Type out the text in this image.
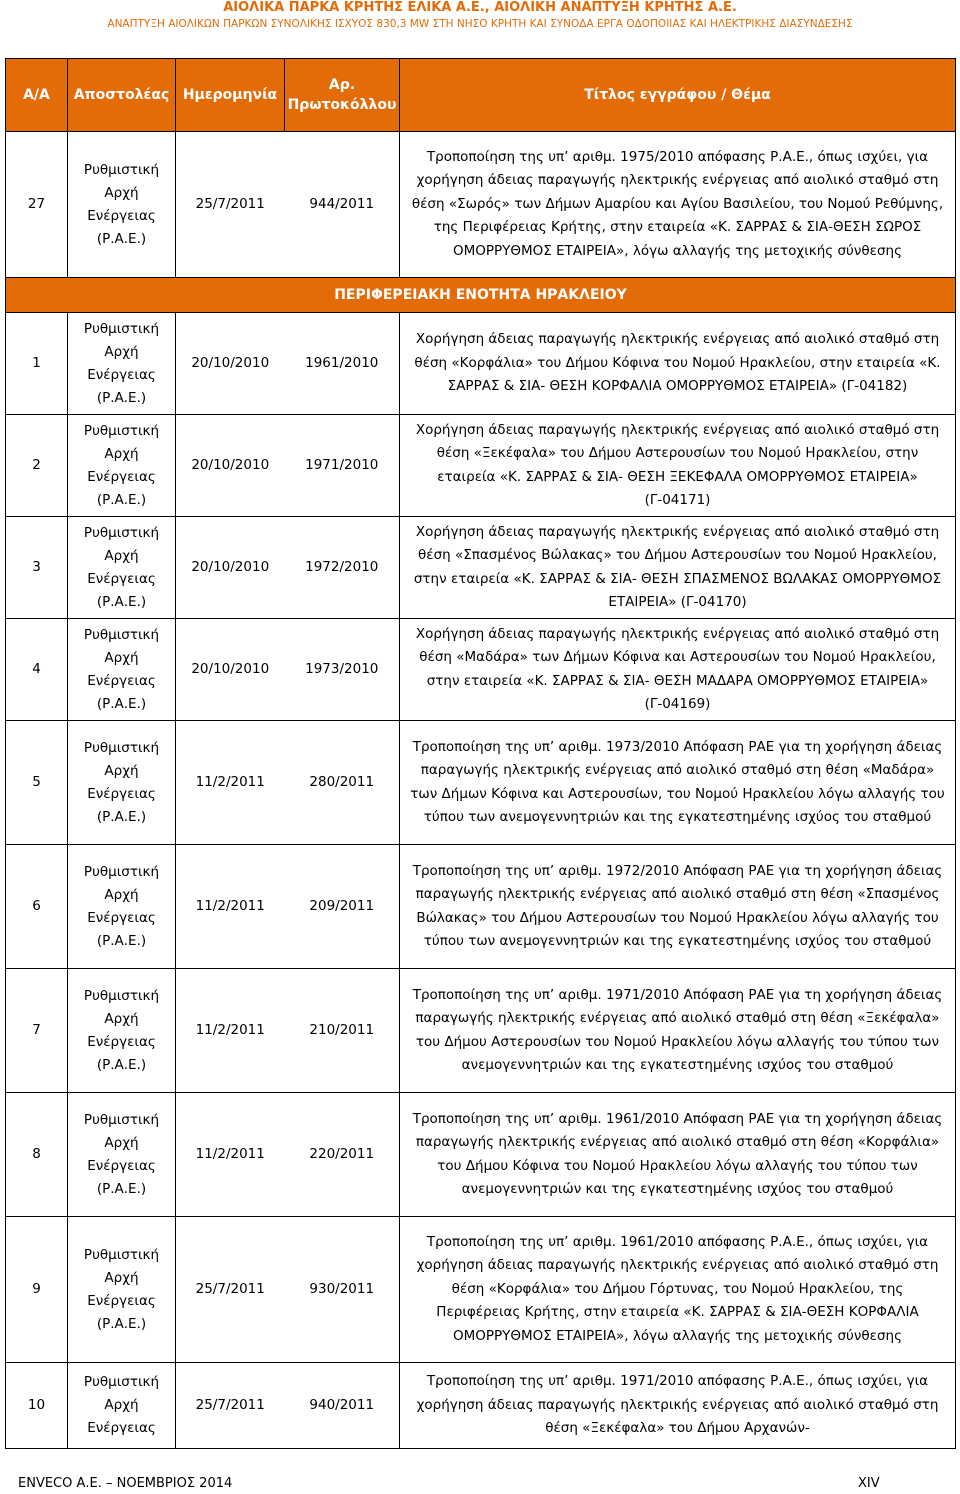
ΑΙΟΛΙΚΑ ΠΑΡΚΑ ΚΡΗΤΗΣ ΕΛΙΚΑ Α.Ε., ΑΙΟΛΙΚΗ ΑΝΑΠΤΥΞΗ ΚΡΗΤΗΣ Α.Ε.
ΑΝΑΠΤΥΞΗ ΑΙΟΛΙΚΩΝ ΠΑΡΚΩΝ ΣΥΝΟΛΙΚΗΣ ΙΣΧΥΟΣ 830,3 MW ΣΤΗ ΝΗΣΟ ΚΡΗΤΗ ΚΑΙ ΣΥΝΟΔΑ ΕΡΓΑ ΟΔΟΠΟΙΙΑΣ ΚΑΙ ΗΛΕΚΤΡΙΚΗΣ ΔΙΑΣΥΝΔΕΣΗΣ
Α/Α	Αποστολέας	Ημερομηνία	Αρ. Πρωτοκόλλου	Τίτλος εγγράφου / Θέμα
27	Ρυθμιστική Αρχή Ενέργειας (Ρ.Α.Ε.)	25/7/2011	944/2011	Τροποποίηση της υπ’ αριθμ. 1975/2010 απόφασης Ρ.Α.Ε., όπως ισχύει, για χορήγηση άδειας παραγωγής ηλεκτρικής ενέργειας από αιολικό σταθμό στη θέση «Σωρός» των Δήμων Αμαρίου και Αγίου Βασιλείου, του Νομού Ρεθύμνης, της Περιφέρειας Κρήτης, στην εταιρεία «Κ. ΣΑΡΡΑΣ & ΣΙΑ-ΘΕΣΗ ΣΩΡΟΣ ΟΜΟΡΡΥΘΜΟΣ ΕΤΑΙΡΕΙΑ», λόγω αλλαγής της μετοχικής σύνθεσης
ΠΕΡΙΦΕΡΕΙΑΚΗ ΕΝΟΤΗΤΑ ΗΡΑΚΛΕΙΟΥ				
1	Ρυθμιστική Αρχή Ενέργειας (Ρ.Α.Ε.)	20/10/2010	1961/2010	Χορήγηση άδειας παραγωγής ηλεκτρικής ενέργειας από αιολικό σταθμό στη θέση «Κορφάλια» του Δήμου Κόφινα του Νομού Ηρακλείου, στην εταιρεία «Κ. ΣΑΡΡΑΣ & ΣΙΑ- ΘΕΣΗ ΚΟΡΦΑΛΙΑ ΟΜΟΡΡΥΘΜΟΣ ΕΤΑΙΡΕΙΑ» (Γ-04182)
2	Ρυθμιστική Αρχή Ενέργειας (Ρ.Α.Ε.)	20/10/2010	1971/2010	Χορήγηση άδειας παραγωγής ηλεκτρικής ενέργειας από αιολικό σταθμό στη θέση «Ξεκέφαλα» του Δήμου Αστερουσίων του Νομού Ηρακλείου, στην εταιρεία «Κ. ΣΑΡΡΑΣ & ΣΙΑ- ΘΕΣΗ ΞΕΚΕΦΑΛΑ ΟΜΟΡΡΥΘΜΟΣ ΕΤΑΙΡΕΙΑ» (Γ-04171)
3	Ρυθμιστική Αρχή Ενέργειας (Ρ.Α.Ε.)	20/10/2010	1972/2010	Χορήγηση άδειας παραγωγής ηλεκτρικής ενέργειας από αιολικό σταθμό στη θέση «Σπασμένος Βώλακας» του Δήμου Αστερουσίων του Νομού Ηρακλείου, στην εταιρεία «Κ. ΣΑΡΡΑΣ & ΣΙΑ- ΘΕΣΗ ΣΠΑΣΜΕΝΟΣ ΒΩΛΑΚΑΣ ΟΜΟΡΡΥΘΜΟΣ ΕΤΑΙΡΕΙΑ» (Γ-04170)
4	Ρυθμιστική Αρχή Ενέργειας (Ρ.Α.Ε.)	20/10/2010	1973/2010	Χορήγηση άδειας παραγωγής ηλεκτρικής ενέργειας από αιολικό σταθμό στη θέση «Μαδάρα» των Δήμων Κόφινα και Αστερουσίων του Νομού Ηρακλείου, στην εταιρεία «Κ. ΣΑΡΡΑΣ & ΣΙΑ- ΘΕΣΗ ΜΑΔΑΡΑ ΟΜΟΡΡΥΘΜΟΣ ΕΤΑΙΡΕΙΑ» (Γ-04169)
5	Ρυθμιστική Αρχή Ενέργειας (Ρ.Α.Ε.)	11/2/2011	280/2011	Τροποποίηση της υπ’ αριθμ. 1973/2010 Απόφαση ΡΑΕ για τη χορήγηση άδειας παραγωγής ηλεκτρικής ενέργειας από αιολικό σταθμό στη θέση «Μαδάρα» των Δήμων Κόφινα και Αστερουσίων, του Νομού Ηρακλείου λόγω αλλαγής του τύπου των ανεμογεννητριών και της εγκατεστημένης ισχύος του σταθμού
6	Ρυθμιστική Αρχή Ενέργειας (Ρ.Α.Ε.)	11/2/2011	209/2011	Τροποποίηση της υπ’ αριθμ. 1972/2010 Απόφαση ΡΑΕ για τη χορήγηση άδειας παραγωγής ηλεκτρικής ενέργειας από αιολικό σταθμό στη θέση «Σπασμένος Βώλακας» του Δήμου Αστερουσίων του Νομού Ηρακλείου λόγω αλλαγής του τύπου των ανεμογεννητριών και της εγκατεστημένης ισχύος του σταθμού
7	Ρυθμιστική Αρχή Ενέργειας (Ρ.Α.Ε.)	11/2/2011	210/2011	Τροποποίηση της υπ’ αριθμ. 1971/2010 Απόφαση ΡΑΕ για τη χορήγηση άδειας παραγωγής ηλεκτρικής ενέργειας από αιολικό σταθμό στη θέση «Ξεκέφαλα» του Δήμου Αστερουσίων του Νομού Ηρακλείου λόγω αλλαγής του τύπου των ανεμογεννητριών και της εγκατεστημένης ισχύος του σταθμού
8	Ρυθμιστική Αρχή Ενέργειας (Ρ.Α.Ε.)	11/2/2011	220/2011	Τροποποίηση της υπ’ αριθμ. 1961/2010 Απόφαση ΡΑΕ για τη χορήγηση άδειας παραγωγής ηλεκτρικής ενέργειας από αιολικό σταθμό στη θέση «Κορφάλια» του Δήμου Κόφινα του Νομού Ηρακλείου λόγω αλλαγής του τύπου των ανεμογεννητριών και της εγκατεστημένης ισχύος του σταθμού
9	Ρυθμιστική Αρχή Ενέργειας (Ρ.Α.Ε.)	25/7/2011	930/2011	Τροποποίηση της υπ’ αριθμ. 1961/2010 απόφασης Ρ.Α.Ε., όπως ισχύει, για χορήγηση άδειας παραγωγής ηλεκτρικής ενέργειας από αιολικό σταθμό στη θέση «Κορφάλια» του Δήμου Γόρτυνας, του Νομού Ηρακλείου, της Περιφέρειας Κρήτης, στην εταιρεία «Κ. ΣΑΡΡΑΣ & ΣΙΑ-ΘΕΣΗ ΚΟΡΦΑΛΙΑ ΟΜΟΡΡΥΘΜΟΣ ΕΤΑΙΡΕΙΑ», λόγω αλλαγής της μετοχικής σύνθεσης
10	Ρυθμιστική Αρχή Ενέργειας	25/7/2011	940/2011	Τροποποίηση της υπ’ αριθμ. 1971/2010 απόφασης Ρ.Α.Ε., όπως ισχύει, για χορήγηση άδειας παραγωγής ηλεκτρικής ενέργειας από αιολικό σταθμό στη θέση «Ξεκέφαλα» του Δήμου Αρχανών-
ENVECO Α.Ε. – ΝΟΕΜΒΡΙΟΣ 2014	XIV
